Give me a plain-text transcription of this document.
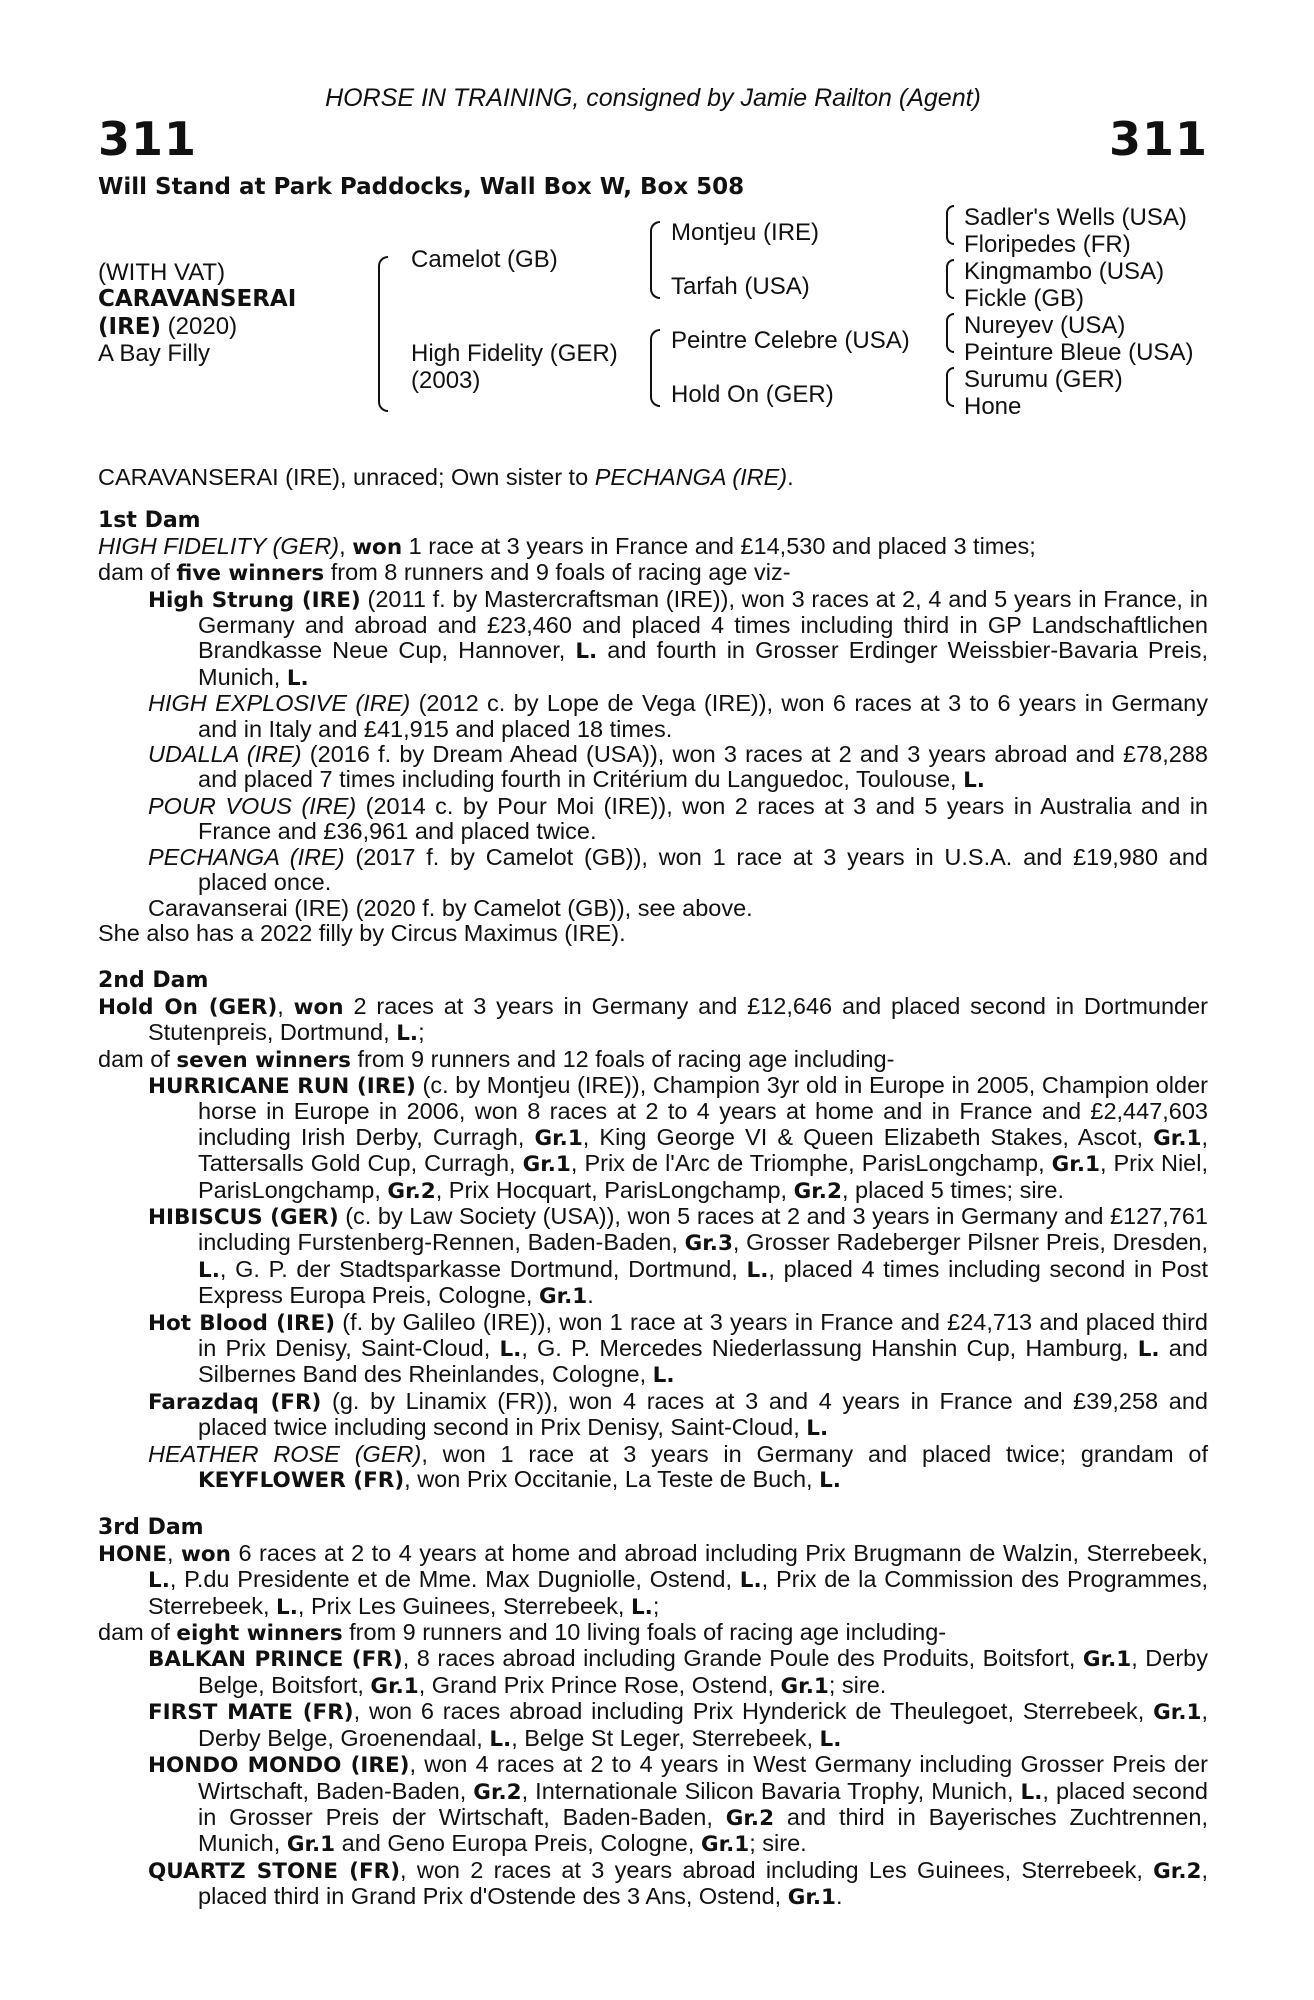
HORSE IN TRAINING, consigned by Jamie Railton (Agent)
311	311
Will Stand at Park Paddocks, Wall Box W, Box 508
(WITH VAT)
CARAVANSERAI
(IRE) (2020)
A Bay Filly
Camelot (GB)
High Fidelity (GER)
(2003)
Montjeu (IRE)
Tarfah (USA)
Peintre Celebre (USA)
Hold On (GER)
Sadler's Wells (USA)
Floripedes (FR)
Kingmambo (USA)
Fickle (GB)
Nureyev (USA)
Peinture Bleue (USA)
Surumu (GER)
Hone

CARAVANSERAI (IRE), unraced; Own sister to PECHANGA (IRE).

1st Dam

HIGH FIDELITY (GER), won 1 race at 3 years in France and £14,530 and placed 3 times;

dam of five winners from 8 runners and 9 foals of racing age viz-

High Strung (IRE) (2011 f. by Mastercraftsman (IRE)), won 3 races at 2, 4 and 5 years in France, in Germany and abroad and £23,460 and placed 4 times including third in GP Landschaftlichen Brandkasse Neue Cup, Hannover, L. and fourth in Grosser Erdinger Weissbier-Bavaria Preis, Munich, L.

HIGH EXPLOSIVE (IRE) (2012 c. by Lope de Vega (IRE)), won 6 races at 3 to 6 years in Germany and in Italy and £41,915 and placed 18 times.

UDALLA (IRE) (2016 f. by Dream Ahead (USA)), won 3 races at 2 and 3 years abroad and £78,288 and placed 7 times including fourth in Critérium du Languedoc, Toulouse, L.

POUR VOUS (IRE) (2014 c. by Pour Moi (IRE)), won 2 races at 3 and 5 years in Australia and in France and £36,961 and placed twice.

PECHANGA (IRE) (2017 f. by Camelot (GB)), won 1 race at 3 years in U.S.A. and £19,980 and placed once.

Caravanserai (IRE) (2020 f. by Camelot (GB)), see above.

She also has a 2022 filly by Circus Maximus (IRE).

2nd Dam

Hold On (GER), won 2 races at 3 years in Germany and £12,646 and placed second in Dortmunder Stutenpreis, Dortmund, L.;

dam of seven winners from 9 runners and 12 foals of racing age including-

HURRICANE RUN (IRE) (c. by Montjeu (IRE)), Champion 3yr old in Europe in 2005, Champion older horse in Europe in 2006, won 8 races at 2 to 4 years at home and in France and £2,447,603 including Irish Derby, Curragh, Gr.1, King George VI & Queen Elizabeth Stakes, Ascot, Gr.1, Tattersalls Gold Cup, Curragh, Gr.1, Prix de l'Arc de Triomphe, ParisLongchamp, Gr.1, Prix Niel, ParisLongchamp, Gr.2, Prix Hocquart, ParisLongchamp, Gr.2, placed 5 times; sire.

HIBISCUS (GER) (c. by Law Society (USA)), won 5 races at 2 and 3 years in Germany and £127,761 including Furstenberg-Rennen, Baden-Baden, Gr.3, Grosser Radeberger Pilsner Preis, Dresden, L., G. P. der Stadtsparkasse Dortmund, Dortmund, L., placed 4 times including second in Post Express Europa Preis, Cologne, Gr.1.

Hot Blood (IRE) (f. by Galileo (IRE)), won 1 race at 3 years in France and £24,713 and placed third in Prix Denisy, Saint-Cloud, L., G. P. Mercedes Niederlassung Hanshin Cup, Hamburg, L. and Silbernes Band des Rheinlandes, Cologne, L.

Farazdaq (FR) (g. by Linamix (FR)), won 4 races at 3 and 4 years in France and £39,258 and placed twice including second in Prix Denisy, Saint-Cloud, L.

HEATHER ROSE (GER), won 1 race at 3 years in Germany and placed twice; grandam of KEYFLOWER (FR), won Prix Occitanie, La Teste de Buch, L.

3rd Dam

HONE, won 6 races at 2 to 4 years at home and abroad including Prix Brugmann de Walzin, Sterrebeek, L., P.du Presidente et de Mme. Max Dugniolle, Ostend, L., Prix de la Commission des Programmes, Sterrebeek, L., Prix Les Guinees, Sterrebeek, L.;

dam of eight winners from 9 runners and 10 living foals of racing age including-

BALKAN PRINCE (FR), 8 races abroad including Grande Poule des Produits, Boitsfort, Gr.1, Derby Belge, Boitsfort, Gr.1, Grand Prix Prince Rose, Ostend, Gr.1; sire.

FIRST MATE (FR), won 6 races abroad including Prix Hynderick de Theulegoet, Sterrebeek, Gr.1, Derby Belge, Groenendaal, L., Belge St Leger, Sterrebeek, L.

HONDO MONDO (IRE), won 4 races at 2 to 4 years in West Germany including Grosser Preis der Wirtschaft, Baden-Baden, Gr.2, Internationale Silicon Bavaria Trophy, Munich, L., placed second in Grosser Preis der Wirtschaft, Baden-Baden, Gr.2 and third in Bayerisches Zuchtrennen, Munich, Gr.1 and Geno Europa Preis, Cologne, Gr.1; sire.

QUARTZ STONE (FR), won 2 races at 3 years abroad including Les Guinees, Sterrebeek, Gr.2, placed third in Grand Prix d'Ostende des 3 Ans, Ostend, Gr.1.
